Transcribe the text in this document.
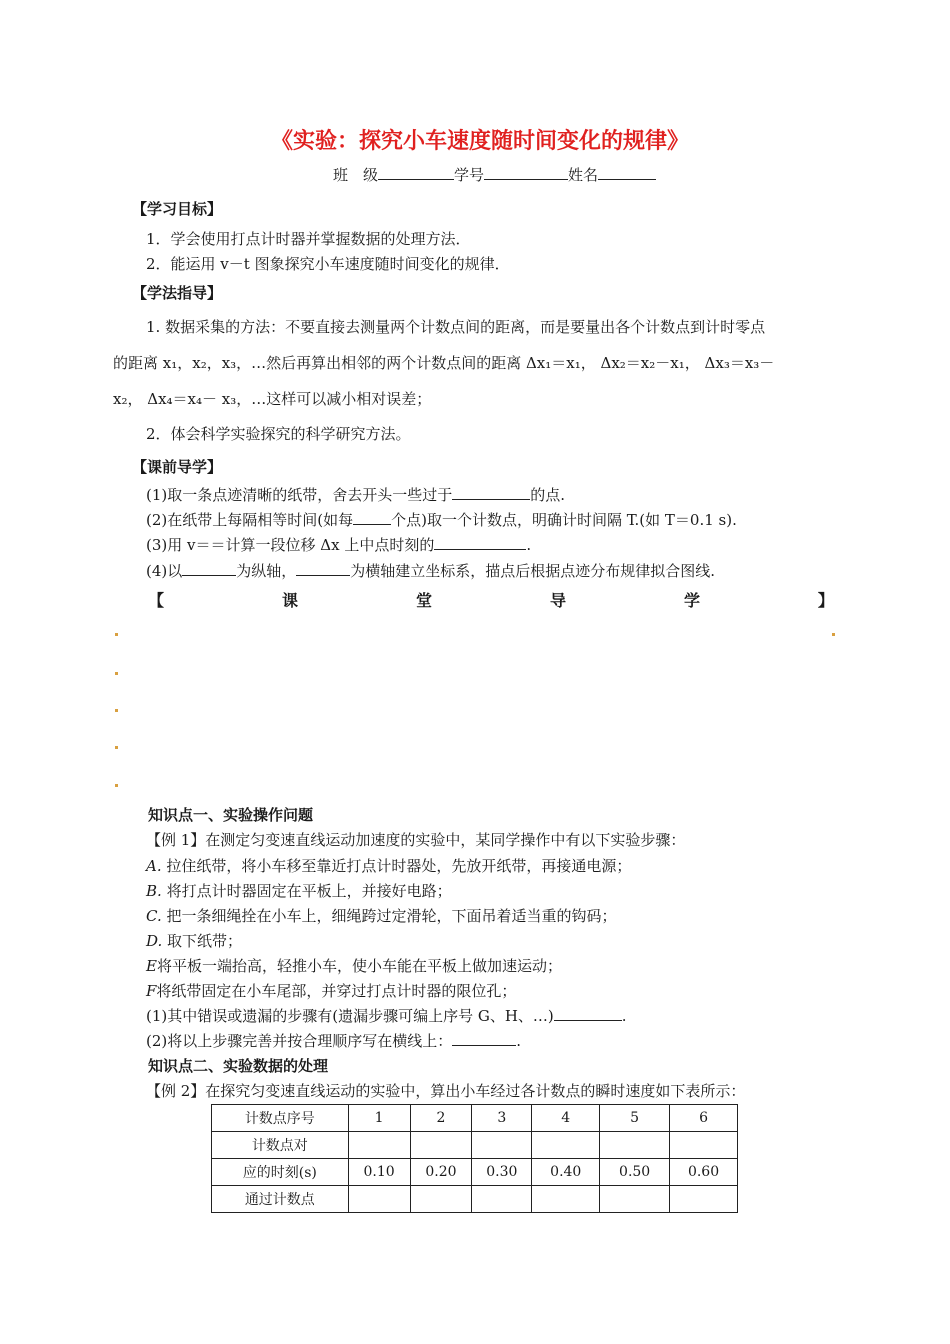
《实验：探究小车速度随时间变化的规律》
班　级	学号	姓名
【学习目标】
1．学会使用打点计时器并掌握数据的处理方法．
2．能运用 v－t 图象探究小车速度随时间变化的规律．
【学法指导】
1. 数据采集的方法：不要直接去测量两个计数点间的距离，而是要量出各个计数点到计时零点
的距离 x₁，x₂，x₃，…然后再算出相邻的两个计数点间的距离 Δx₁＝x₁， Δx₂＝x₂－x₁， Δx₃＝x₃－
x₂， Δx₄＝x₄－ x₃，…这样可以减小相对误差；
2．体会科学实验探究的科学研究方法。
【课前导学】
(1)取一条点迹清晰的纸带，舍去开头一些过于	的点.
(2)在纸带上每隔相等时间(如每	个点)取一个计数点，明确计时间隔 T.(如 T＝0.1 s).
(3)用 v＝＝计算一段位移 Δx 上中点时刻的	.
(4)以	为纵轴，	为横轴建立坐标系，描点后根据点迹分布规律拟合图线.
【	课	堂	导	学	】
知识点一、实验操作问题
【例 1】在测定匀变速直线运动加速度的实验中，某同学操作中有以下实验步骤：
A. 拉住纸带，将小车移至靠近打点计时器处，先放开纸带，再接通电源；
B. 将打点计时器固定在平板上，并接好电路；
C. 把一条细绳拴在小车上，细绳跨过定滑轮，下面吊着适当重的钩码；
D. 取下纸带；
E将平板一端抬高，轻推小车，使小车能在平板上做加速运动；
F将纸带固定在小车尾部，并穿过打点计时器的限位孔；
(1)其中错误或遗漏的步骤有(遗漏步骤可编上序号 G、H、…)	.
(2)将以上步骤完善并按合理顺序写在横线上：	.
知识点二、实验数据的处理
【例 2】在探究匀变速直线运动的实验中，算出小车经过各计数点的瞬时速度如下表所示：
计数点序号	1	2	3	4	5	6
计数点对						
应的时刻(s)	0.10	0.20	0.30	0.40	0.50	0.60
通过计数点						
